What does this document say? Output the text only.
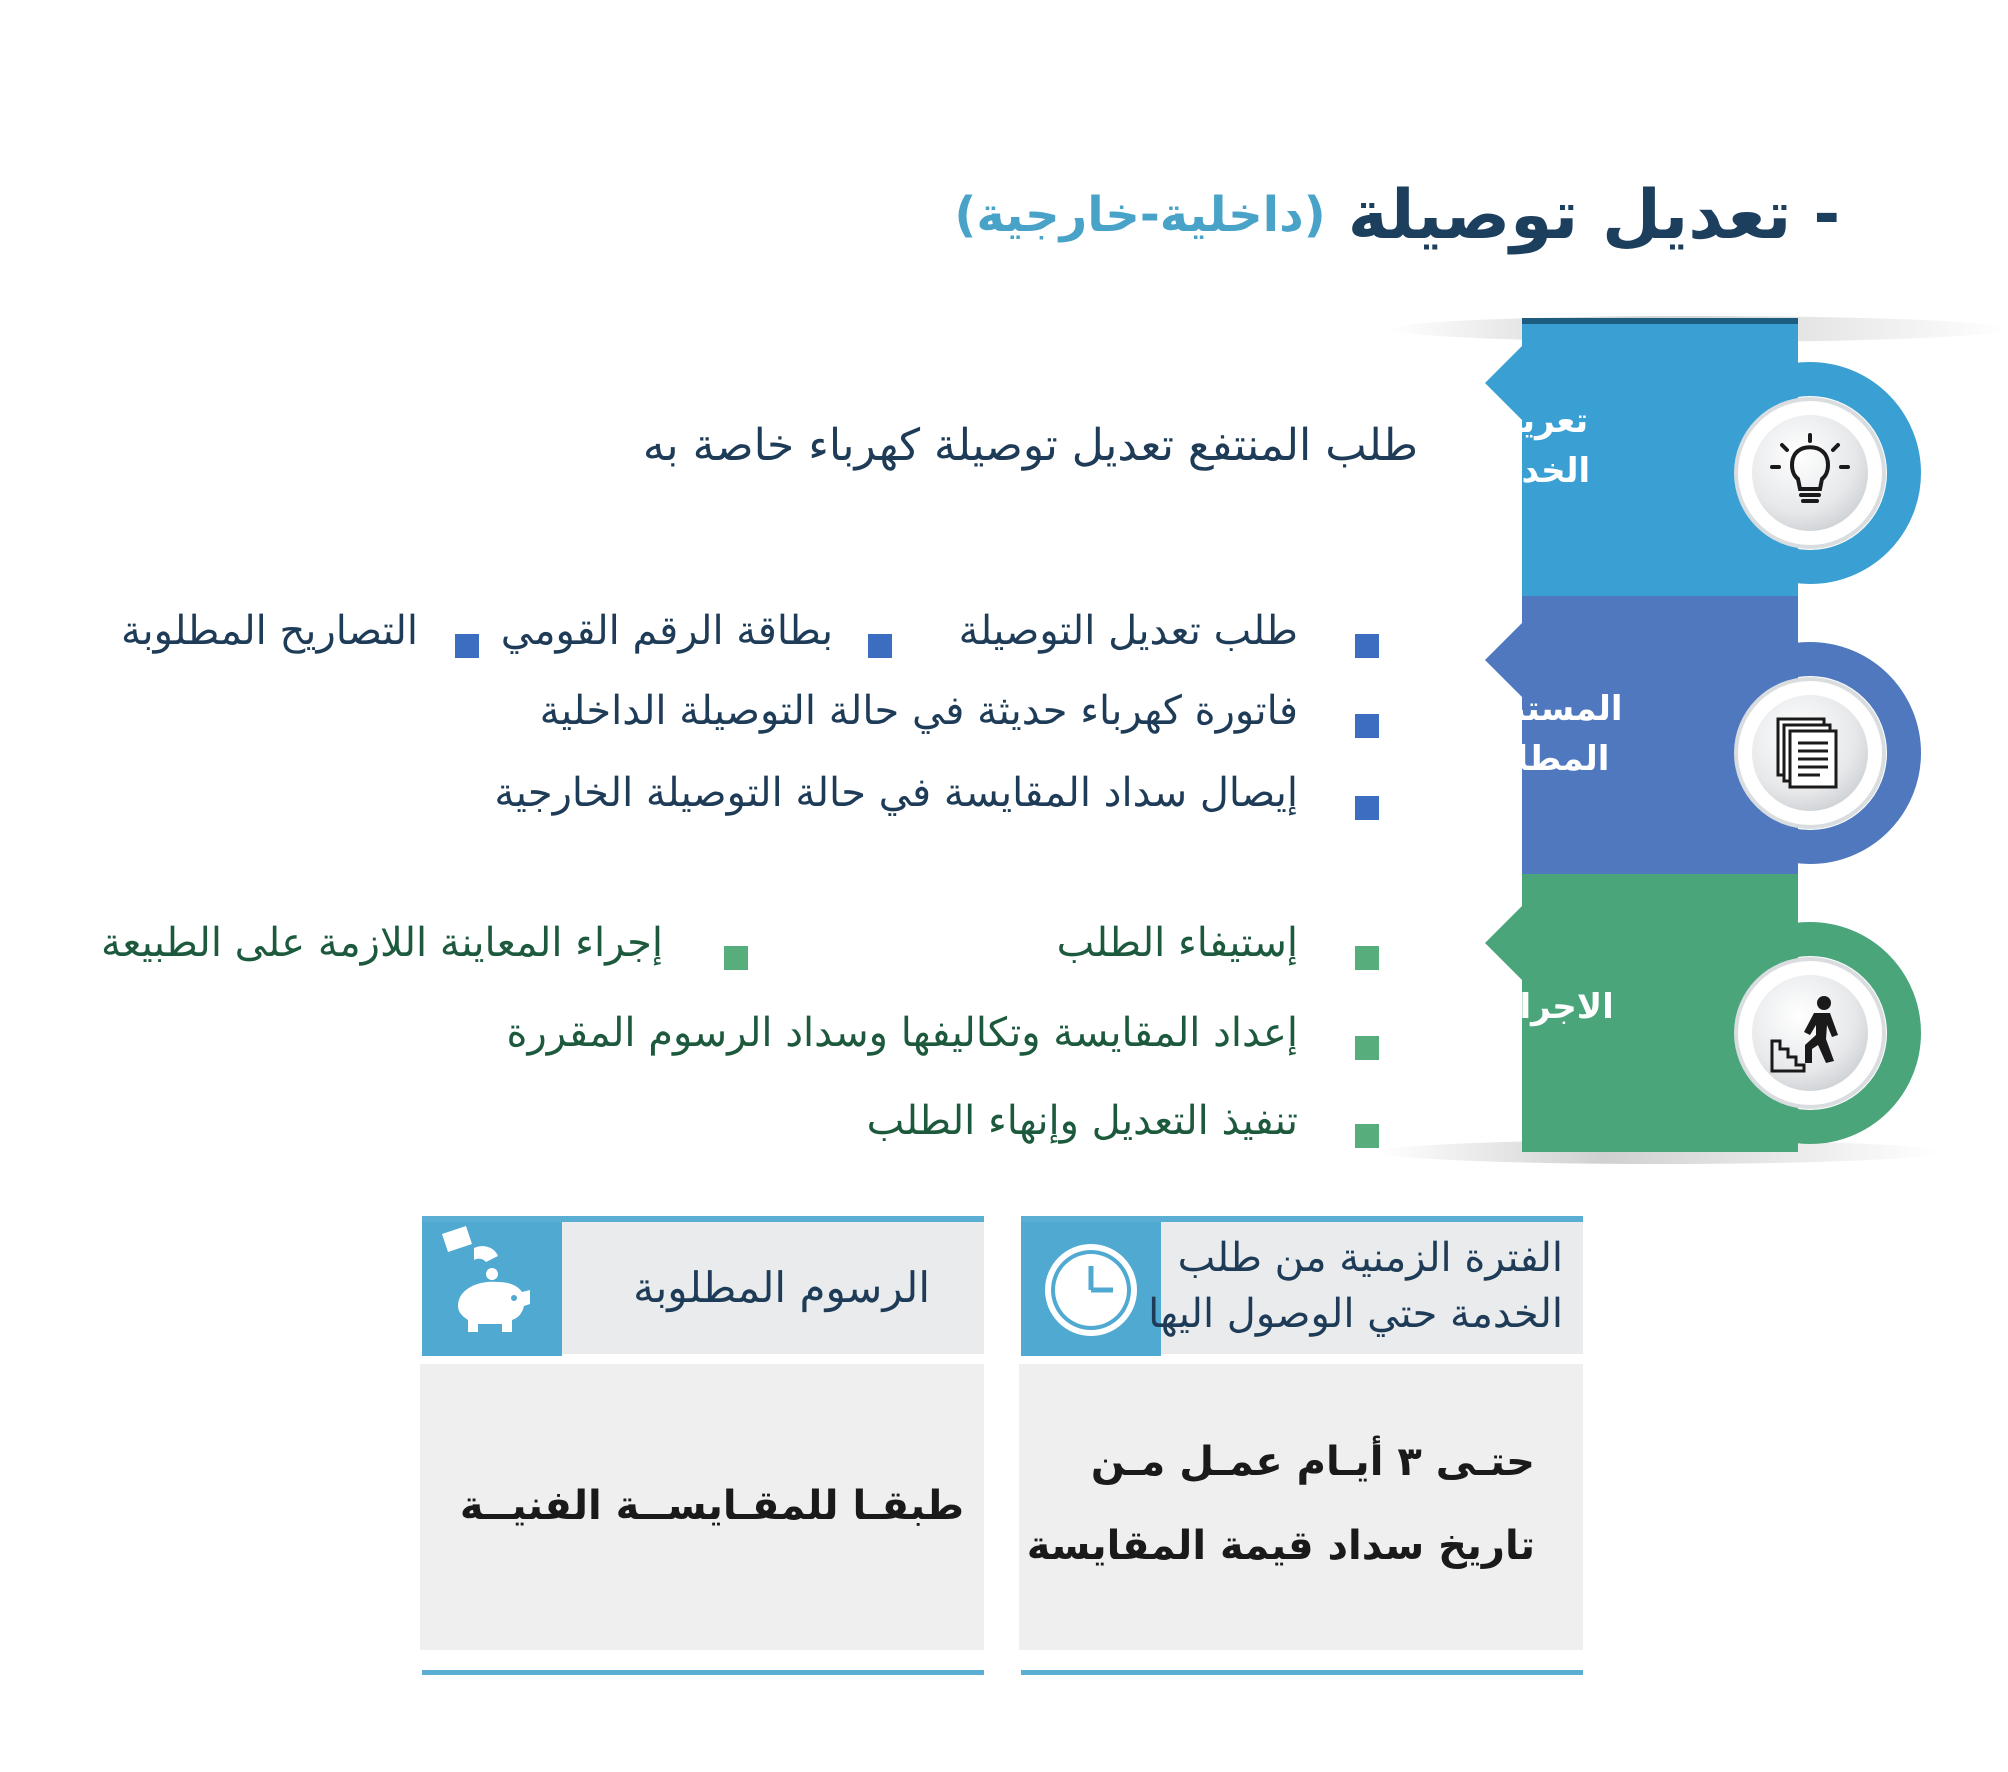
-
تعديل توصيلة
(داخلية-خارجية)
تعريف
الخدمة
المستندات
المطلوبة
الاجراءات
طلب المنتفع تعديل توصيلة كهرباء خاصة به
طلب تعديل التوصيلة
بطاقة الرقم القومي
التصاريح المطلوبة
فاتورة كهرباء حديثة في حالة التوصيلة الداخلية
إيصال سداد المقايسة في حالة التوصيلة الخارجية
إستيفاء الطلب
إجراء المعاينة اللازمة على الطبيعة
إعداد المقايسة وتكاليفها وسداد الرسوم المقررة
تنفيذ التعديل وإنهاء الطلب
الرسوم المطلوبة
طبقـا للمقـايســة الفنيــة
الفترة الزمنية من طلب
الخدمة حتي الوصول اليها
حتـى ٣ أيـام عمـل مـن
تاريخ سداد قيمة المقايسة
